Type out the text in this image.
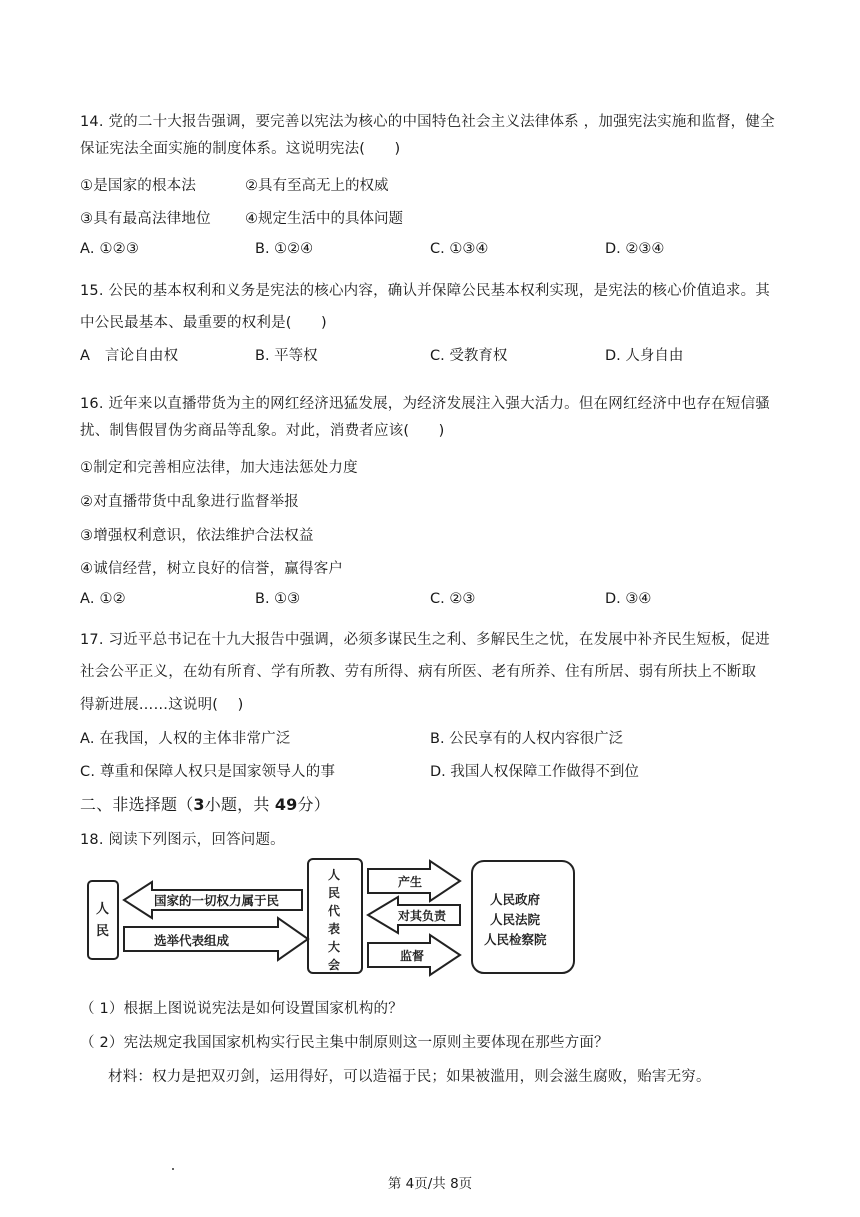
14. 党的二十大报告强调，要完善以宪法为核心的中国特色社会主义法律体系 ，加强宪法实施和监督，健全
保证宪法全面实施的制度体系。这说明宪法(　　)
①是国家的根本法	②具有至高无上的权威
③具有最高法律地位 ④规定生活中的具体问题
A. ①②③	B. ①②④	C. ①③④	D. ②③④
15. 公民的基本权利和义务是宪法的核心内容，确认并保障公民基本权利实现，是宪法的核心价值追求。其
中公民最基本、最重要的权利是(　　)
A　言论自由权	B. 平等权	C. 受教育权	D. 人身自由
16. 近年来以直播带货为主的网红经济迅猛发展，为经济发展注入强大活力。但在网红经济中也存在短信骚
扰、制售假冒伪劣商品等乱象。对此，消费者应该(　　)
①制定和完善相应法律，加大违法惩处力度
②对直播带货中乱象进行监督举报
③增强权利意识，依法维护合法权益
④诚信经营，树立良好的信誉，赢得客户
A. ①②	B. ①③	C. ②③	D. ③④
17. 习近平总书记在十九大报告中强调，必须多谋民生之利、多解民生之忧，在发展中补齐民生短板，促进
社会公平正义，在幼有所育、学有所教、劳有所得、病有所医、老有所养、住有所居、弱有所扶上不断取
得新进展……这说明(　 )
A. 在我国，人权的主体非常广泛	B. 公民享有的人权内容很广泛
C. 尊重和保障人权只是国家领导人的事	D. 我国人权保障工作做得不到位
二、非选择题（3小题，共 49分）
18. 阅读下列图示，回答问题。
人
民
国家的一切权力属于民
选举代表组成
人
民
代
表
大
会
产生
对其负责
监督
人民政府
人民法院
人民检察院
（ 1）根据上图说说宪法是如何设置国家机构的？
（ 2）宪法规定我国国家机构实行民主集中制原则这一原则主要体现在那些方面？
材料：权力是把双刃剑，运用得好，可以造福于民；如果被滥用，则会滋生腐败，贻害无穷。
第 4页/共 8页
